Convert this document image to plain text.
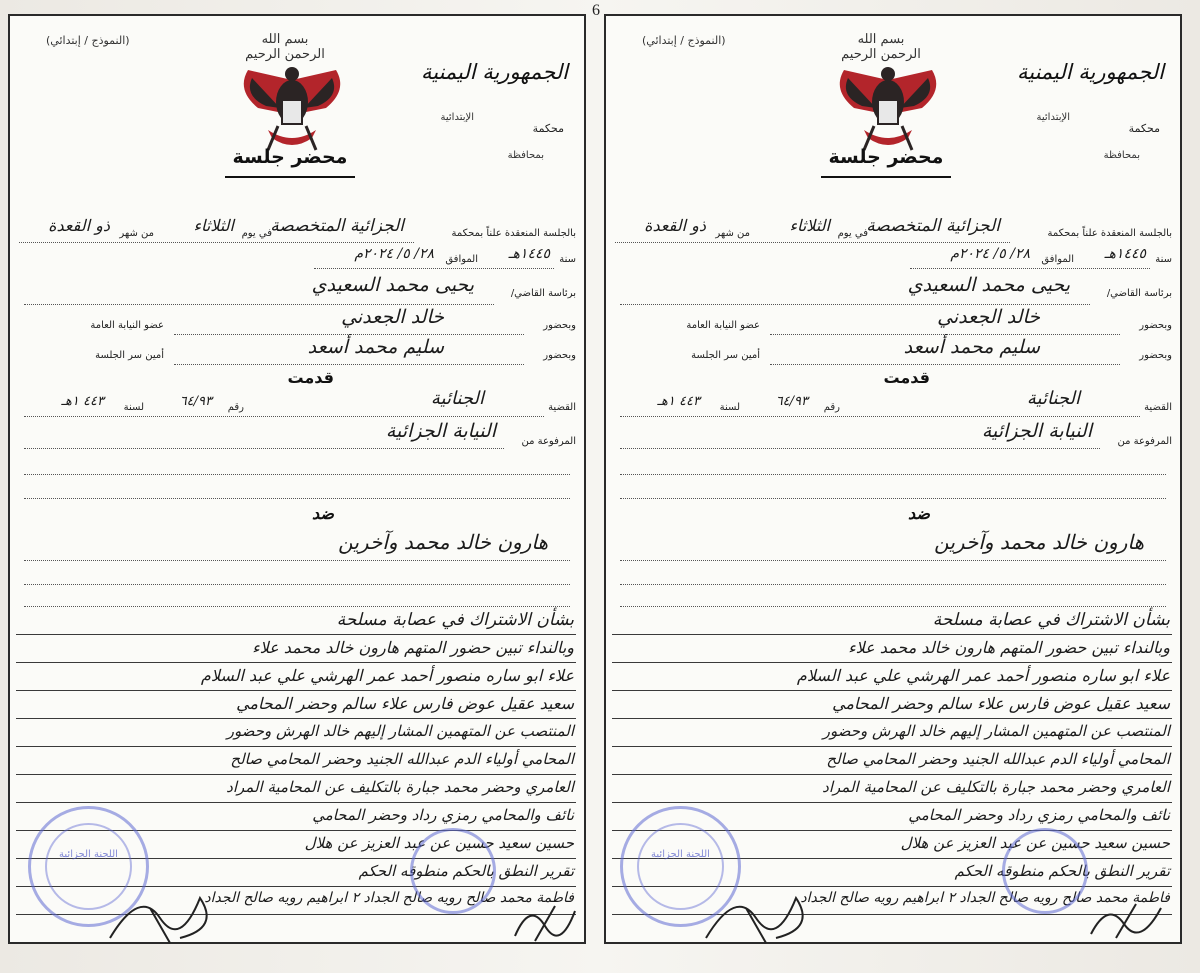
6
(النموذج / إبتدائي)	بسم الله الرحمن الرحيم
محضر جلسة
الجمهورية اليمنية
الإبتدائية
محكمة
بمحافظة
بالجلسة المنعقدة علناً بمحكمة
الجزائية المتخصصة
في يوم
الثلاثاء
من شهر
ذو القعدة
سنة
١٤٤٥هـ
الموافق
٢٨/ ٥/ ٢٠٢٤م
برئاسة القاضي/
يحيى محمد السعيدي
وبحضور
خالد الجعدني
عضو النيابة العامة
وبحضور
سليم محمد أسعد
أمين سر الجلسة
قدمت
القضية
الجنائية
رقم
٦٤/٩٣
لسنة
٤٤٣ ١هـ
المرفوعة من
النيابة الجزائية
ضد
هارون خالد محمد وآخرين
بشأن الاشتراك في عصابة مسلحة
وبالنداء تبين حضور المتهم هارون خالد محمد علاء
علاء ابو ساره منصور أحمد عمر الهرشي علي عبد السلام
سعيد عقيل عوض فارس علاء سالم وحضر المحامي
المنتصب عن المتهمين المشار إليهم خالد الهرش وحضور
المحامي أولياء الدم عبدالله الجنيد وحضر المحامي صالح
العامري وحضر محمد جبارة بالتكليف عن المحامية المراد
نائف والمحامي رمزي رداد وحضر المحامي
حسين سعيد حسين عن عبد العزيز عن هلال
تقرير النطق بالحكم منطوقه الحكم
فاطمة محمد صالح رويه صالح الجداد ٢ ابراهيم رويه صالح الجداد
اللجنة الجزائية
(النموذج / إبتدائي)	بسم الله الرحمن الرحيم
محضر جلسة
الجمهورية اليمنية
الإبتدائية
محكمة
بمحافظة
بالجلسة المنعقدة علناً بمحكمة
الجزائية المتخصصة
في يوم
الثلاثاء
من شهر
ذو القعدة
سنة
١٤٤٥هـ
الموافق
٢٨/ ٥/ ٢٠٢٤م
برئاسة القاضي/
يحيى محمد السعيدي
وبحضور
خالد الجعدني
عضو النيابة العامة
وبحضور
سليم محمد أسعد
أمين سر الجلسة
قدمت
القضية
الجنائية
رقم
٦٤/٩٣
لسنة
٤٤٣ ١هـ
المرفوعة من
النيابة الجزائية
ضد
هارون خالد محمد وآخرين
بشأن الاشتراك في عصابة مسلحة
وبالنداء تبين حضور المتهم هارون خالد محمد علاء
علاء ابو ساره منصور أحمد عمر الهرشي علي عبد السلام
سعيد عقيل عوض فارس علاء سالم وحضر المحامي
المنتصب عن المتهمين المشار إليهم خالد الهرش وحضور
المحامي أولياء الدم عبدالله الجنيد وحضر المحامي صالح
العامري وحضر محمد جبارة بالتكليف عن المحامية المراد
نائف والمحامي رمزي رداد وحضر المحامي
حسين سعيد حسين عن عبد العزيز عن هلال
تقرير النطق بالحكم منطوقه الحكم
فاطمة محمد صالح رويه صالح الجداد ٢ ابراهيم رويه صالح الجداد
اللجنة الجزائية
